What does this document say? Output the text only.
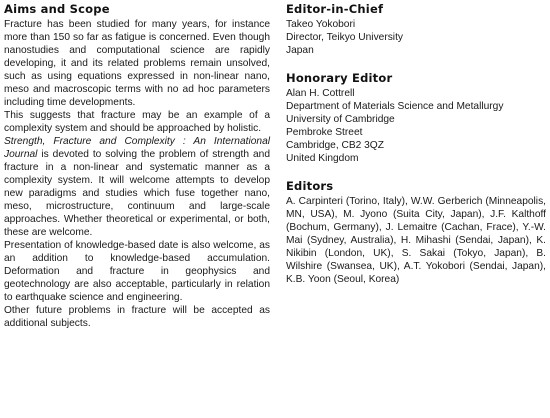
Aims and Scope

Fracture has been studied for many years, for instance more than 150 so far as fatigue is concerned. Even though nanostudies and computational science are rapidly developing, it and its related problems remain unsolved, such as using equations expressed in non‐linear nano, meso and macroscopic terms with no ad hoc parameters including time developments.

This suggests that fracture may be an example of a complexity system and should be approached by holistic.

Strength, Fracture and Complexity : An International Journal is devoted to solving the problem of strength and fracture in a non‐linear and systematic manner as a complexity system. It will welcome attempts to develop new paradigms and studies which fuse together nano, meso, microstructure, continuum and large‐scale approaches. Whether theoretical or experimental, or both, these are welcome.

Presentation of knowledge‐based date is also welcome, as an addition to knowledge‐based accumulation. Deformation and fracture in geophysics and geotechnology are also acceptable, particularly in relation to earthquake science and engineering.

Other future problems in fracture will be accepted as additional subjects.

Editor‐in‐Chief
Takeo Yokobori
Director, Teikyo University
Japan
Honorary Editor
Alan H. Cottrell
Department of Materials Science and Metallurgy
University of Cambridge
Pembroke Street
Cambridge, CB2 3QZ
United Kingdom
Editors

A. Carpinteri (Torino, Italy), W.W. Gerberich (Minneapolis, MN, USA), M. Jyono (Suita City, Japan), J.F. Kalthoff (Bochum, Germany), J. Lemaitre (Cachan, Frace), Y.‐W. Mai (Sydney, Australia), H. Mihashi (Sendai, Japan), K. Nikibin (London, UK), S. Sakai (Tokyo, Japan), B. Wilshire (Swansea, UK), A.T. Yokobori (Sendai, Japan), K.B. Yoon (Seoul, Korea)
